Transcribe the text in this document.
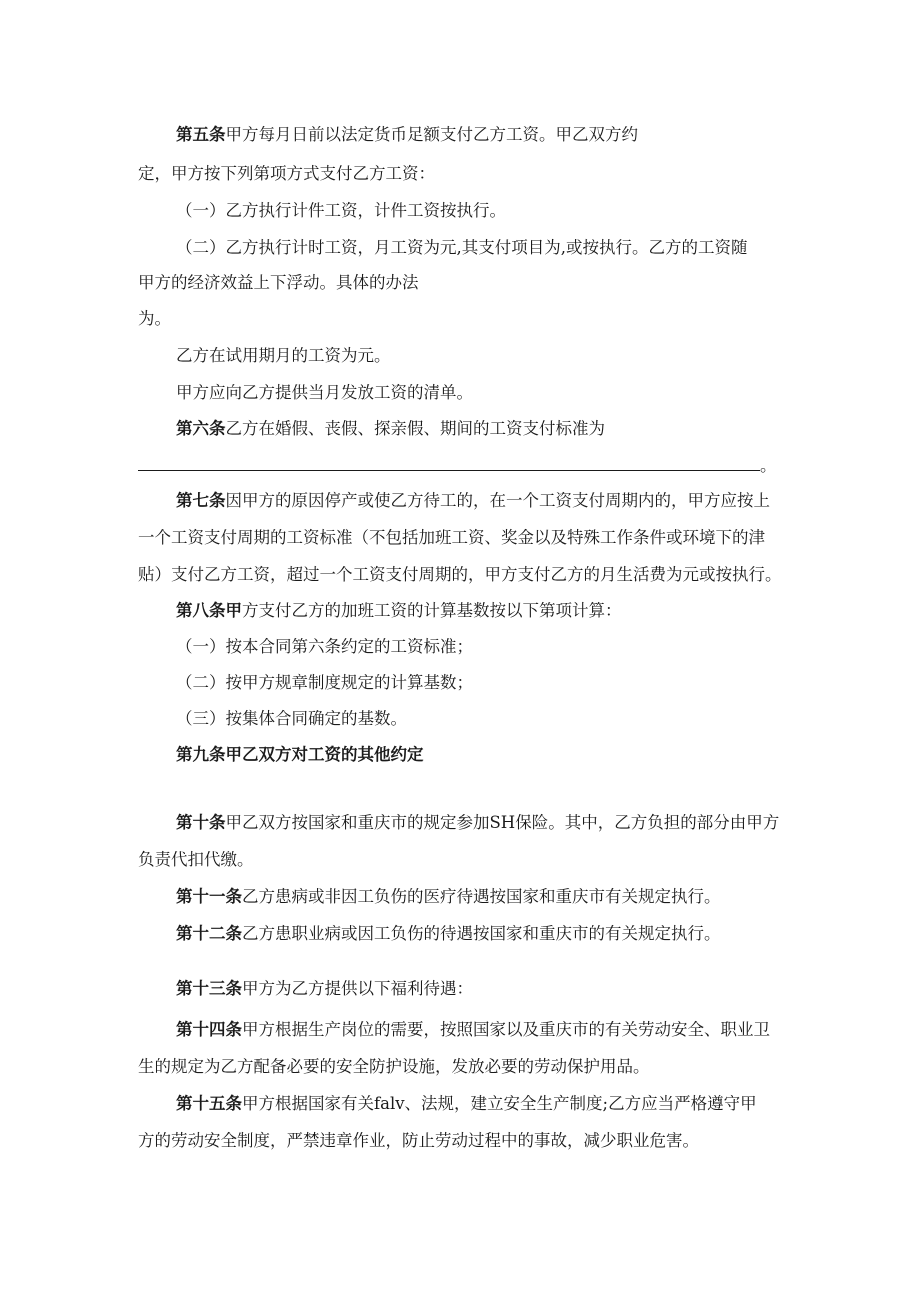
第五条甲方每月日前以法定货币足额支付乙方工资。甲乙双方约
定，甲方按下列第项方式支付乙方工资：
（一）乙方执行计件工资，计件工资按执行。
（二）乙方执行计时工资，月工资为元,其支付项目为,或按执行。乙方的工资随
甲方的经济效益上下浮动。具体的办法
为。
乙方在试用期月的工资为元。
甲方应向乙方提供当月发放工资的清单。
第六条乙方在婚假、丧假、探亲假、期间的工资支付标准为
。
第七条因甲方的原因停产或使乙方待工的，在一个工资支付周期内的，甲方应按上
一个工资支付周期的工资标准（不包括加班工资、奖金以及特殊工作条件或环境下的津
贴）支付乙方工资，超过一个工资支付周期的，甲方支付乙方的月生活费为元或按执行。
第八条甲方支付乙方的加班工资的计算基数按以下第项计算：
（一）按本合同第六条约定的工资标准；
（二）按甲方规章制度规定的计算基数；
（三）按集体合同确定的基数。
第九条甲乙双方对工资的其他约定
第十条甲乙双方按国家和重庆市的规定参加SH保险。其中，乙方负担的部分由甲方
负责代扣代缴。
第十一条乙方患病或非因工负伤的医疗待遇按国家和重庆市有关规定执行。
第十二条乙方患职业病或因工负伤的待遇按国家和重庆市的有关规定执行。
第十三条甲方为乙方提供以下福利待遇：
第十四条甲方根据生产岗位的需要，按照国家以及重庆市的有关劳动安全、职业卫
生的规定为乙方配备必要的安全防护设施，发放必要的劳动保护用品。
第十五条甲方根据国家有关falv、法规，建立安全生产制度;乙方应当严格遵守甲
方的劳动安全制度，严禁违章作业，防止劳动过程中的事故，减少职业危害。
